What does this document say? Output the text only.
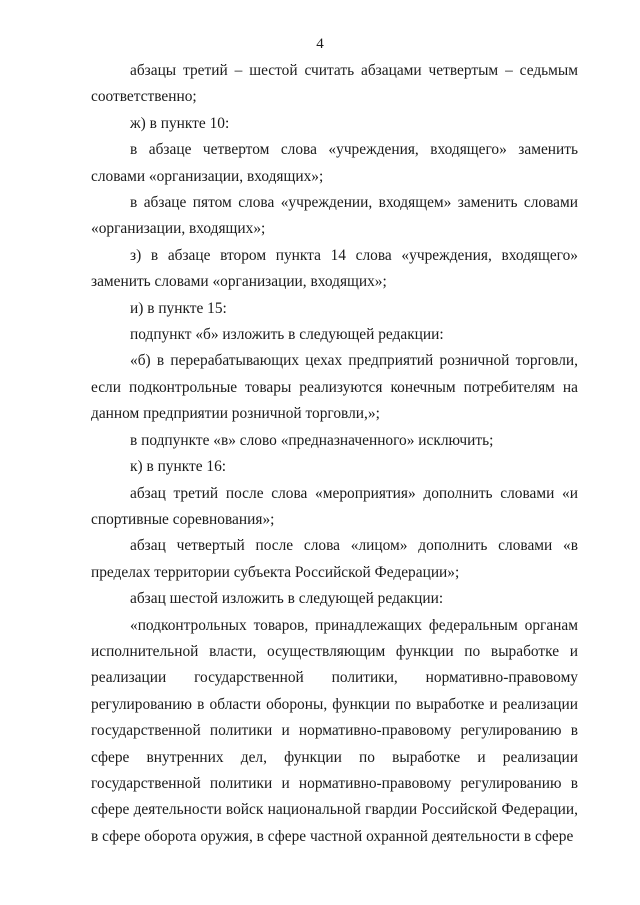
4

абзацы третий – шестой считать абзацами четвертым – седьмым соответственно;

ж) в пункте 10:

в абзаце четвертом слова «учреждения, входящего» заменить словами «организации, входящих»;

в абзаце пятом слова «учреждении, входящем» заменить словами «организации, входящих»;

з) в абзаце втором пункта 14 слова «учреждения, входящего» заменить словами «организации, входящих»;

и) в пункте 15:

подпункт «б» изложить в следующей редакции:

«б) в перерабатывающих цехах предприятий розничной торговли, если подконтрольные товары реализуются конечным потребителям на данном предприятии розничной торговли,»;

в подпункте «в» слово «предназначенного» исключить;

к) в пункте 16:

абзац третий после слова «мероприятия» дополнить словами «и спортивные соревнования»;

абзац четвертый после слова «лицом» дополнить словами «в пределах территории субъекта Российской Федерации»;

абзац шестой изложить в следующей редакции:

«подконтрольных товаров, принадлежащих федеральным органам исполнительной власти, осуществляющим функции по выработке и реализации государственной политики, нормативно-правовому регулированию в области обороны, функции по выработке и реализации государственной политики и нормативно-правовому регулированию в сфере внутренних дел, функции по выработке и реализации государственной политики и нормативно-правовому регулированию в сфере деятельности войск национальной гвардии Российской Федерации, в сфере оборота оружия, в сфере частной охранной деятельности в сфере
